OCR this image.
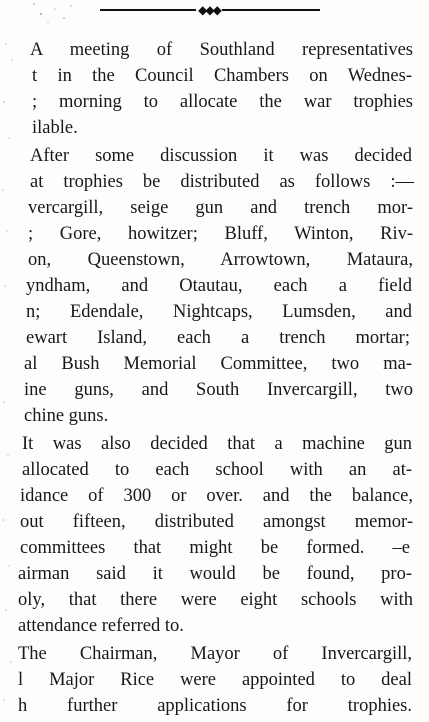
◆◆◆
A meeting of Southland representatives
t in the Council Chambers on Wednes-
; morning to allocate the war trophies
ilable.
After some discussion it was decided
at trophies be distributed as follows :—
vercargill, seige gun and trench mor-
; Gore, howitzer; Bluff, Winton, Riv-
on, Queenstown, Arrowtown, Mataura,
yndham, and Otautau, each a field
n; Edendale, Nightcaps, Lumsden, and
ewart Island, each a trench mortar;
al Bush Memorial Committee, two ma-
ine guns, and South Invercargill, two
chine guns.
It was also decided that a machine gun
allocated to each school with an at-
idance of 300 or over. and the balance,
out fifteen, distributed amongst memor-
committees that might be formed. –e
airman said it would be found, pro-
oly, that there were eight schools with
attendance referred to.
The Chairman, Mayor of Invercargill,
l Major Rice were appointed to deal
h further applications for trophies.
